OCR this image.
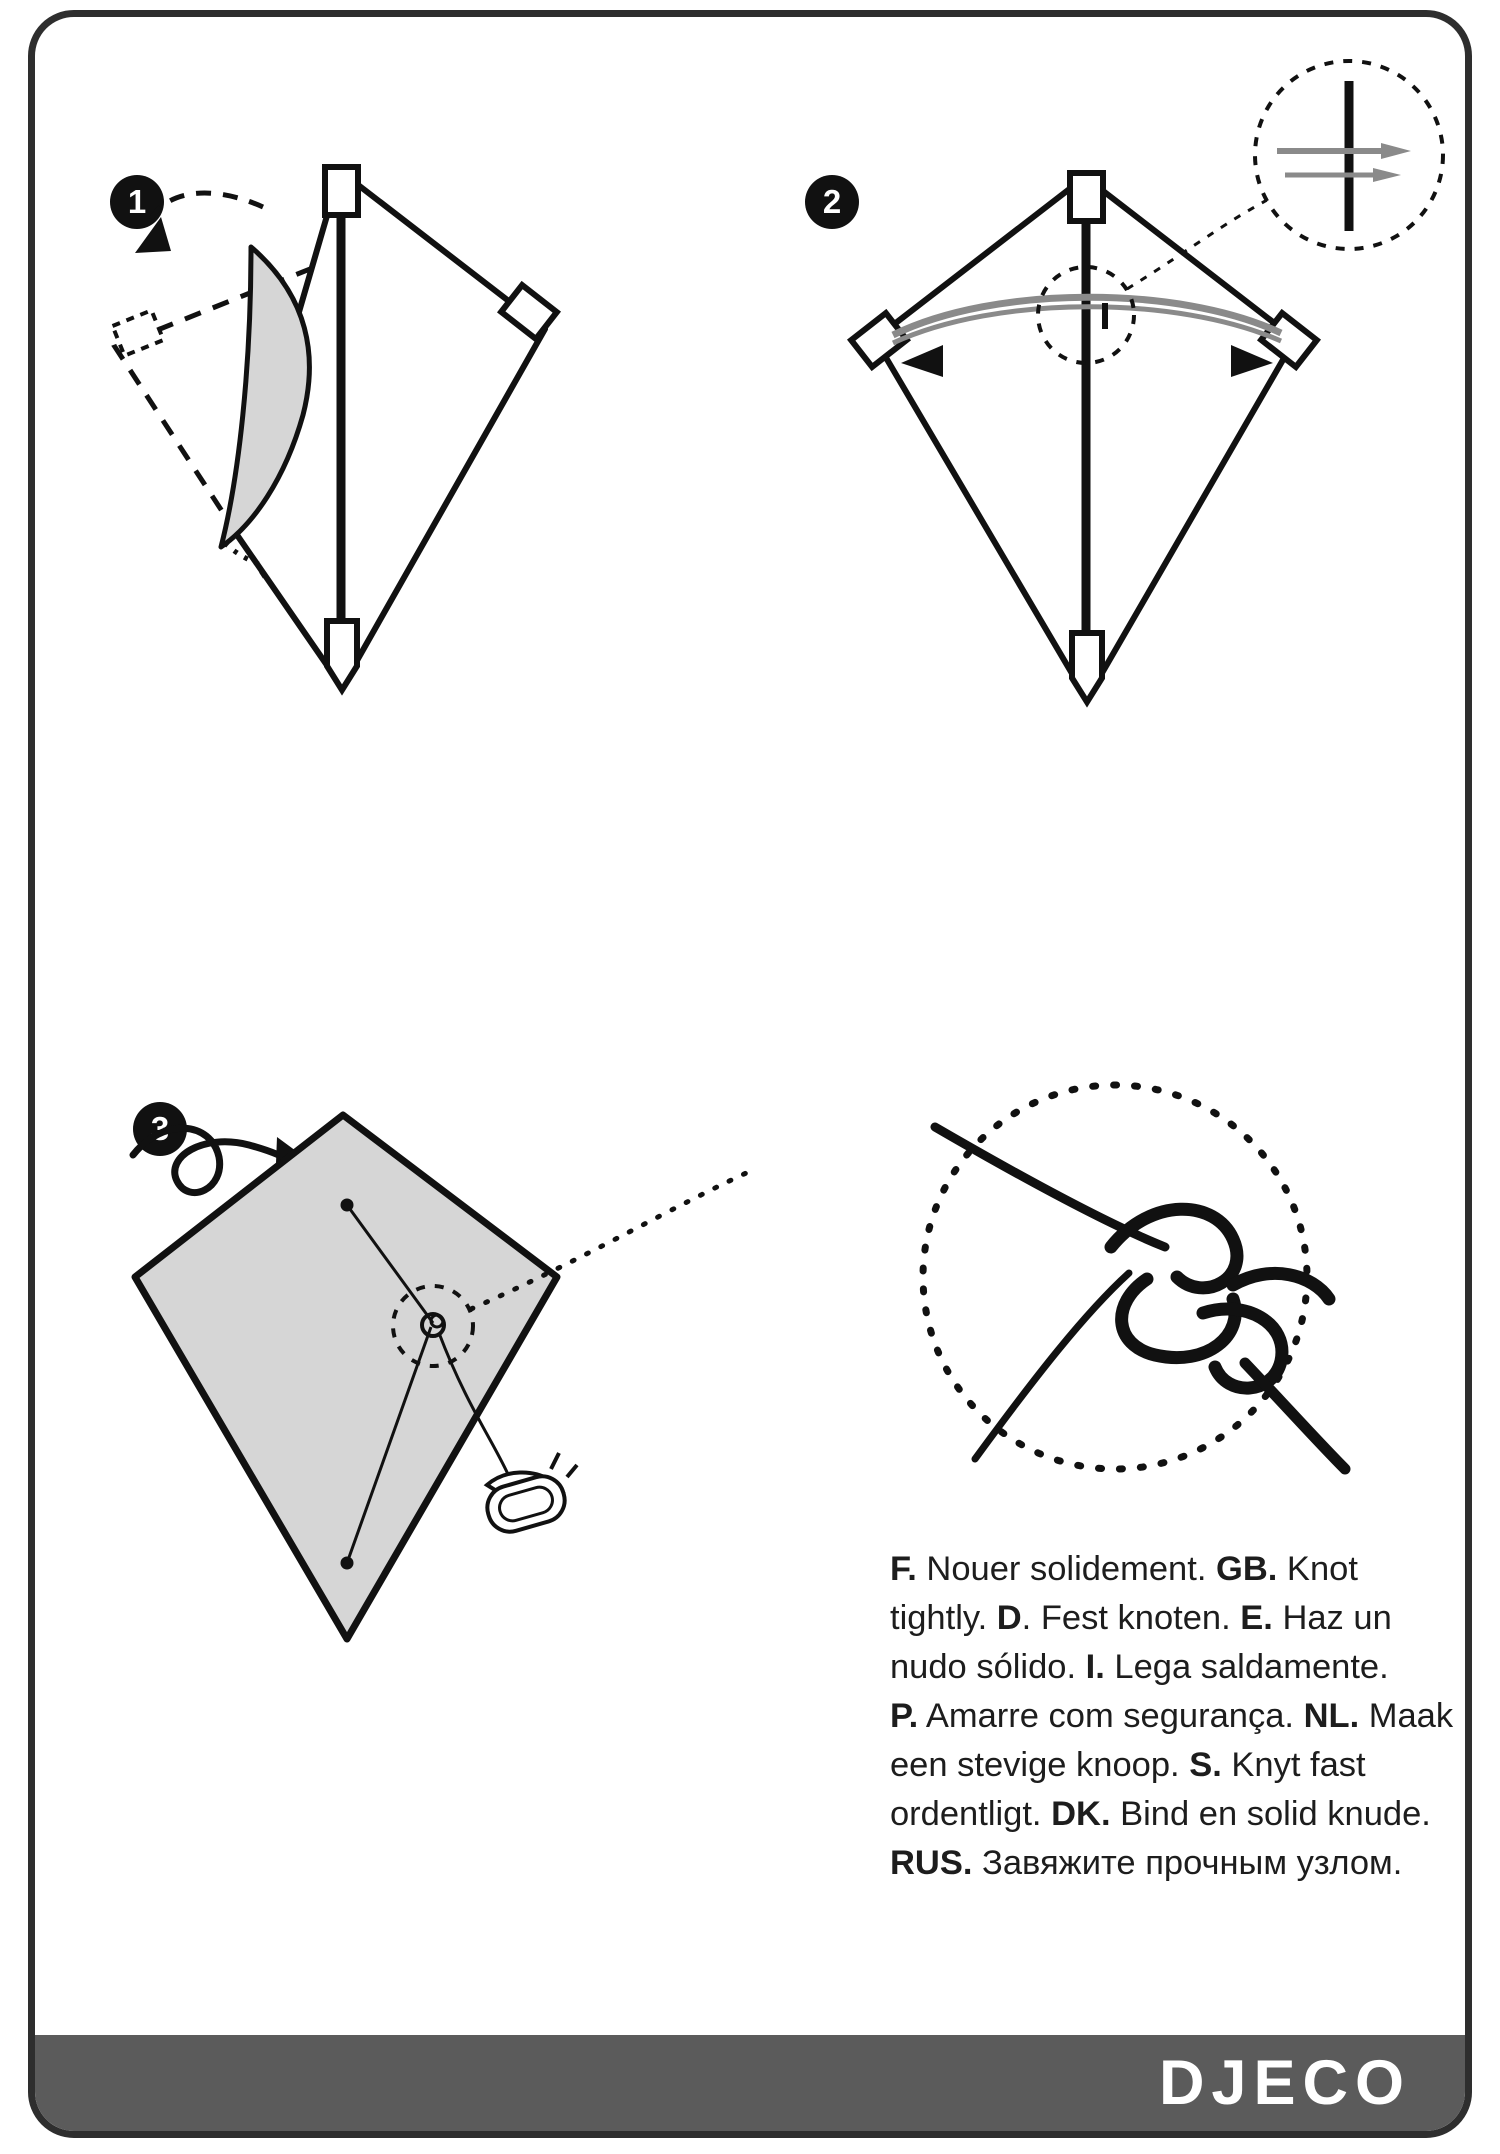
1	2
3
F. Nouer solidement. GB. Knot
tightly. D. Fest knoten. E. Haz un
nudo sólido. I. Lega saldamente.
P. Amarre com segurança. NL. Maak
een stevige knoop. S. Knyt fast
ordentligt. DK. Bind en solid knude.
RUS. Завяжите прочным узлом.
DJECO
